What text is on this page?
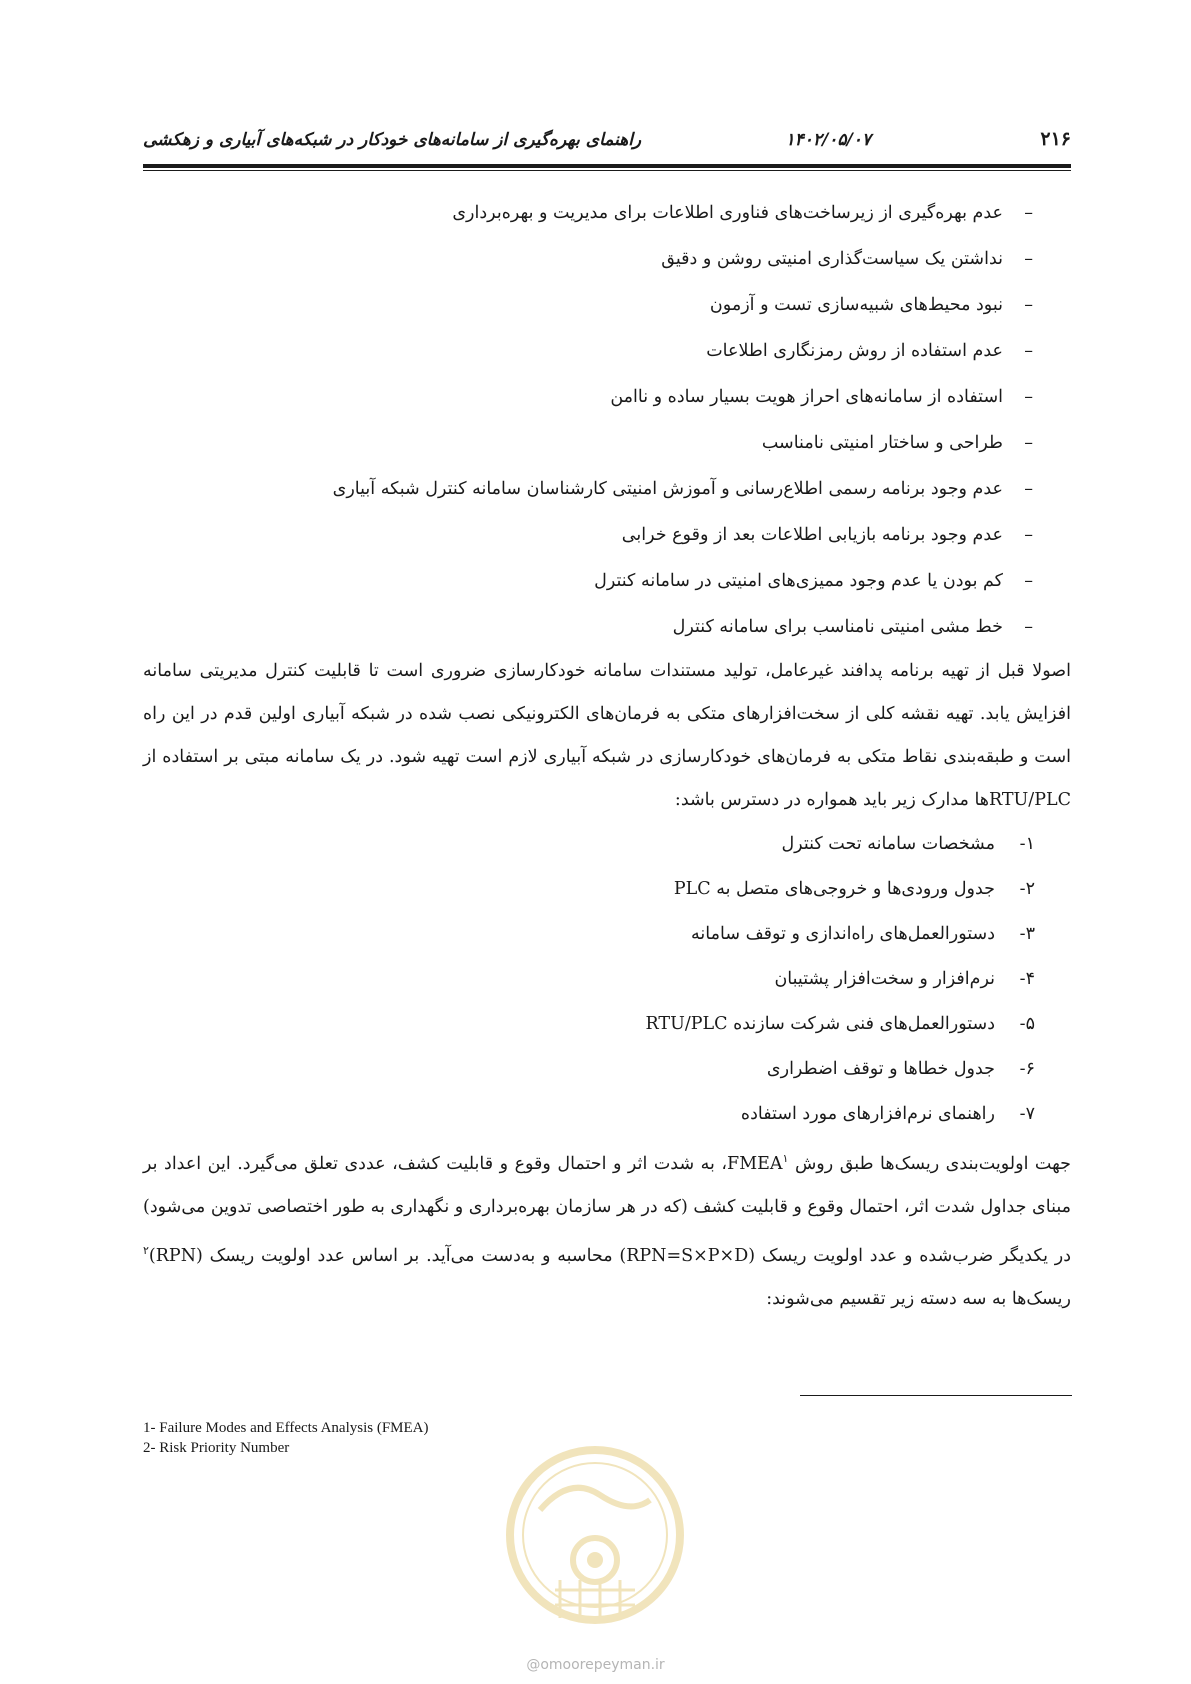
۲۱۶
۱۴۰۲/۰۵/۰۷
راهنمای بهره‌گیری از سامانه‌های خودکار در شبکه‌های آبیاری و زهکشی
–عدم بهره‌گیری از زیرساخت‌های فناوری اطلاعات برای مدیریت و بهره‌برداری
–نداشتن یک سیاست‌گذاری امنیتی روشن و دقیق
–نبود محیط‌های شبیه‌سازی تست و آزمون
–عدم استفاده از روش رمزنگاری اطلاعات
–استفاده از سامانه‌های احراز هویت بسیار ساده و ناامن
–طراحی و ساختار امنیتی نامناسب
–عدم وجود برنامه رسمی اطلاع‌رسانی و آموزش امنیتی کارشناسان سامانه کنترل شبکه آبیاری
–عدم وجود برنامه بازیابی اطلاعات بعد از وقوع خرابی
–کم بودن یا عدم وجود ممیزی‌های امنیتی در سامانه کنترل
–خط مشی امنیتی نامناسب برای سامانه کنترل

اصولا قبل از تهیه برنامه پدافند غیرعامل، تولید مستندات سامانه خودکارسازی ضروری است تا قابلیت کنترل مدیریتی سامانه افزایش یابد. تهیه نقشه کلی از سخت‌افزارهای متکی به فرمان‌های الکترونیکی نصب شده در شبکه آبیاری اولین قدم در این راه است و طبقه‌بندی نقاط متکی به فرمان‌های خودکارسازی در شبکه آبیاری لازم است تهیه شود. در یک سامانه مبتی بر استفاده از RTU/PLCها مدارک زیر باید همواره در دسترس باشد:

۱-مشخصات سامانه تحت کنترل
۲-جدول ورودی‌ها و خروجی‌های متصل به PLC
۳-دستورالعمل‌های راه‌اندازی و توقف سامانه
۴-نرم‌افزار و سخت‌افزار پشتیبان
۵-دستورالعمل‌های فنی شرکت سازنده RTU/PLC
۶-جدول خطاها و توقف اضطراری
۷-راهنمای نرم‌افزارهای مورد استفاده

جهت اولویت‌بندی ریسک‌ها طبق روش FMEA$^۱$، به شدت اثر و احتمال وقوع و قابلیت کشف، عددی تعلق می‌گیرد. این اعداد بر مبنای جداول شدت اثر، احتمال وقوع و قابلیت کشف (که در هر سازمان بهره‌برداری و نگهداری به طور اختصاصی تدوین می‌شود) در یکدیگر ضرب‌شده و عدد اولویت ریسک (RPN=S×P×D) محاسبه و به‌دست می‌آید. بر اساس عدد اولویت ریسک (RPN)$^۲$ ریسک‌ها به سه دسته زیر تقسیم می‌شوند:

1- Failure Modes and Effects Analysis (FMEA)
2- Risk Priority Number
@omoorepeyman.ir
